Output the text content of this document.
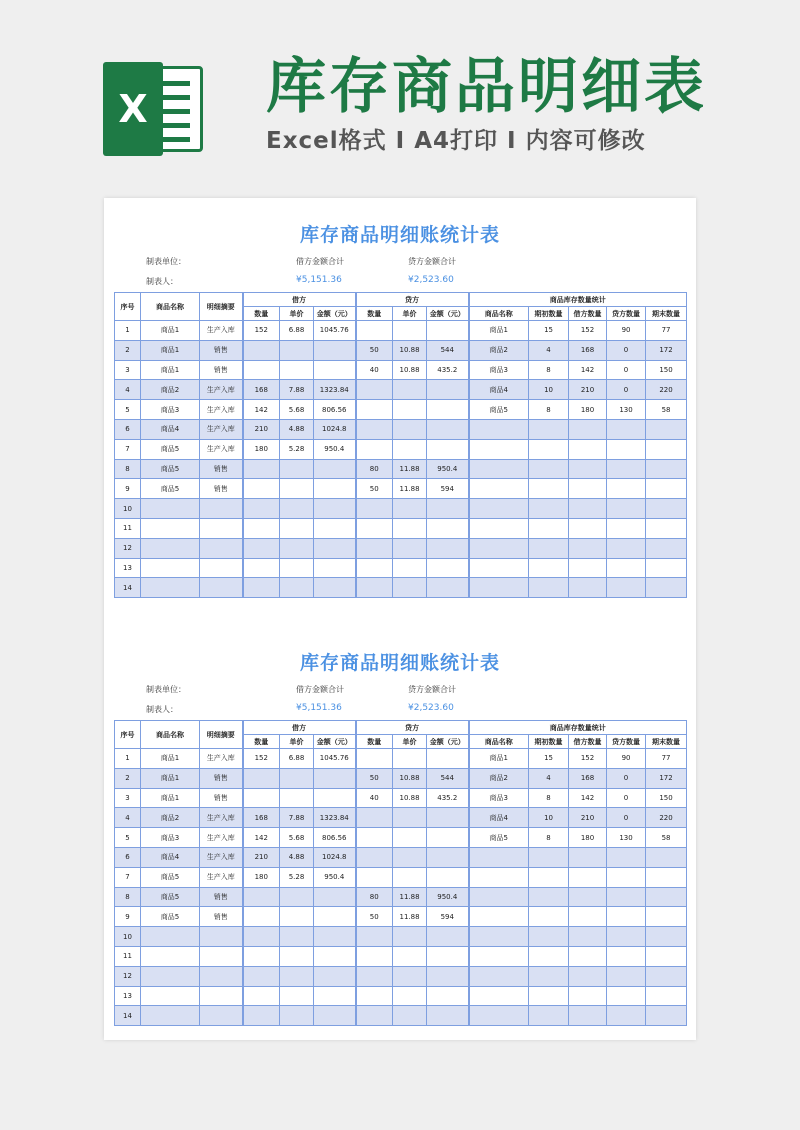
X 库存商品明细表
Excel格式 I A4打印 I 内容可修改
库存商品明细账统计表
制表单位：	借方金额合计	贷方金额合计
制表人：	¥5,151.36	¥2,523.60
序号	商品名称	明细摘要	借方			贷方			商品库存数量统计				
			数量	单价	金额（元）	数量	单价	金额（元）	商品名称	期初数量	借方数量	贷方数量	期末数量
1	商品1	生产入库	152	6.88	1045.76				商品1	15	152	90	77
2	商品1	销售				50	10.88	544	商品2	4	168	0	172
3	商品1	销售				40	10.88	435.2	商品3	8	142	0	150
4	商品2	生产入库	168	7.88	1323.84				商品4	10	210	0	220
5	商品3	生产入库	142	5.68	806.56				商品5	8	180	130	58
6	商品4	生产入库	210	4.88	1024.8								
7	商品5	生产入库	180	5.28	950.4								
8	商品5	销售				80	11.88	950.4					
9	商品5	销售				50	11.88	594					
10													
11													
12													
13													
14													
库存商品明细账统计表
制表单位：	借方金额合计	贷方金额合计
制表人：	¥5,151.36	¥2,523.60
序号	商品名称	明细摘要	借方			贷方			商品库存数量统计				
			数量	单价	金额（元）	数量	单价	金额（元）	商品名称	期初数量	借方数量	贷方数量	期末数量
1	商品1	生产入库	152	6.88	1045.76				商品1	15	152	90	77
2	商品1	销售				50	10.88	544	商品2	4	168	0	172
3	商品1	销售				40	10.88	435.2	商品3	8	142	0	150
4	商品2	生产入库	168	7.88	1323.84				商品4	10	210	0	220
5	商品3	生产入库	142	5.68	806.56				商品5	8	180	130	58
6	商品4	生产入库	210	4.88	1024.8								
7	商品5	生产入库	180	5.28	950.4								
8	商品5	销售				80	11.88	950.4					
9	商品5	销售				50	11.88	594					
10													
11													
12													
13													
14													
